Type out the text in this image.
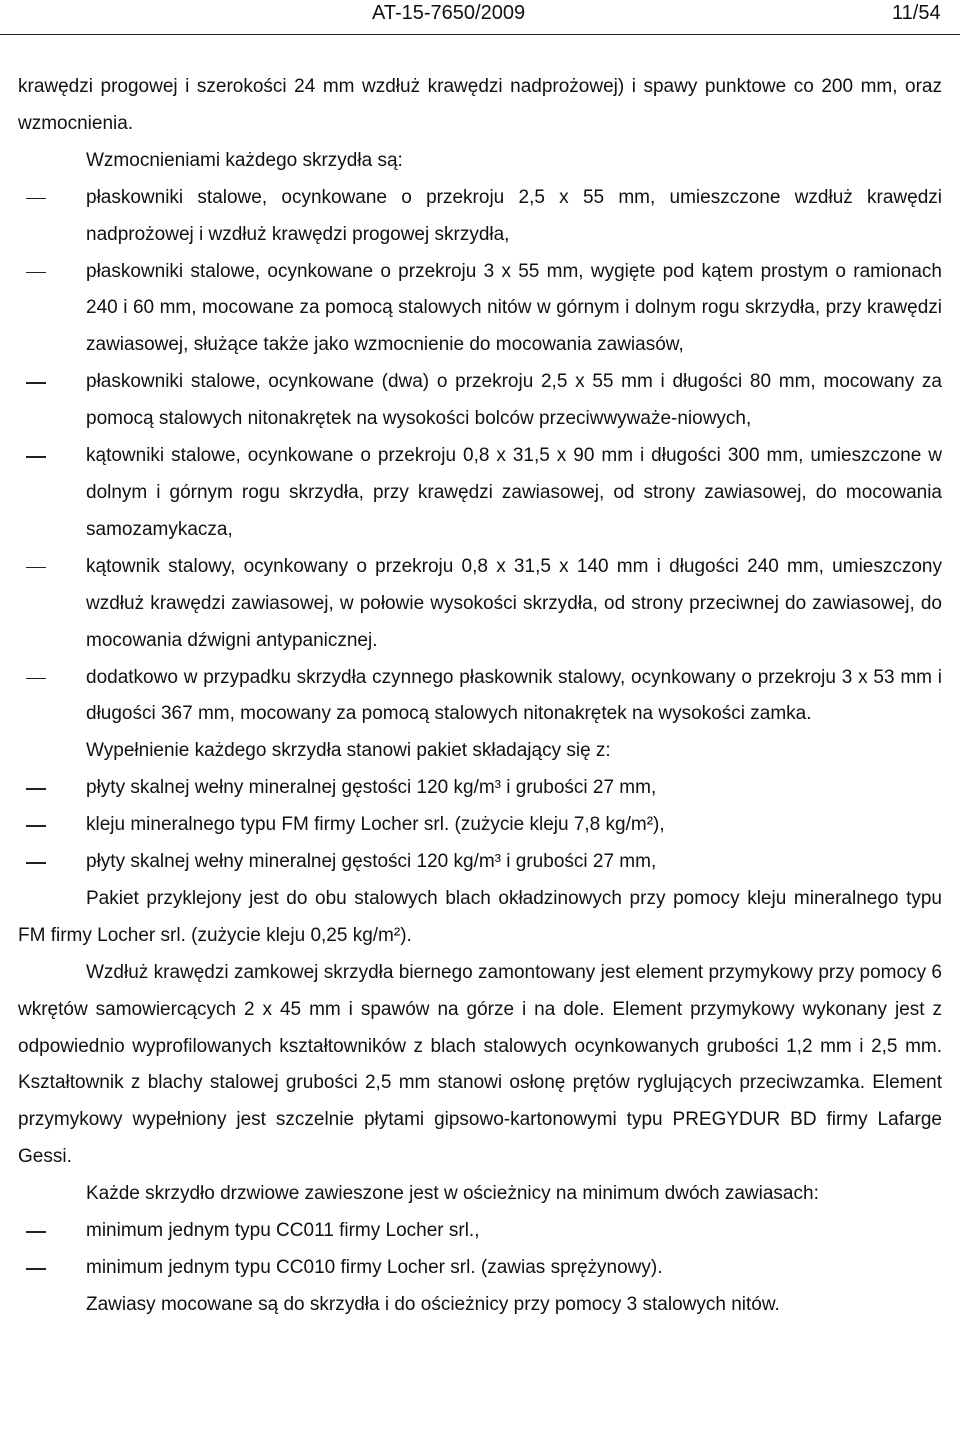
AT-15-7650/2009	11/54

krawędzi progowej i szerokości 24 mm wzdłuż krawędzi nadprożowej) i spawy punktowe co 200 mm, oraz wzmocnienia.

Wzmocnieniami każdego skrzydła są:

płaskowniki stalowe, ocynkowane o przekroju 2,5 x 55 mm, umieszczone wzdłuż krawędzi nadprożowej i wzdłuż krawędzi progowej skrzydła,
płaskowniki stalowe, ocynkowane o przekroju 3 x 55 mm, wygięte pod kątem prostym o ramionach 240 i 60 mm, mocowane za pomocą stalowych nitów w górnym i dolnym rogu skrzydła, przy krawędzi zawiasowej, służące także jako wzmocnienie do mocowania zawiasów,
płaskowniki stalowe, ocynkowane (dwa) o przekroju 2,5 x 55 mm i długości 80 mm, mocowany za pomocą stalowych nitonakrętek na wysokości bolców przeciwwyważe-niowych,
kątowniki stalowe, ocynkowane o przekroju 0,8 x 31,5 x 90 mm i długości 300 mm, umieszczone w dolnym i górnym rogu skrzydła, przy krawędzi zawiasowej, od strony zawiasowej, do mocowania samozamykacza,
kątownik stalowy, ocynkowany o przekroju 0,8 x 31,5 x 140 mm i długości 240 mm, umieszczony wzdłuż krawędzi zawiasowej, w połowie wysokości skrzydła, od strony przeciwnej do zawiasowej, do mocowania dźwigni antypanicznej.
dodatkowo w przypadku skrzydła czynnego płaskownik stalowy, ocynkowany o przekroju 3 x 53 mm i długości 367 mm, mocowany za pomocą stalowych nitonakrętek na wysokości zamka.

Wypełnienie każdego skrzydła stanowi pakiet składający się z:

płyty skalnej wełny mineralnej gęstości 120 kg/m³ i grubości 27 mm,
kleju mineralnego typu FM firmy Locher srl. (zużycie kleju 7,8 kg/m²),
płyty skalnej wełny mineralnej gęstości 120 kg/m³ i grubości 27 mm,

Pakiet przyklejony jest do obu stalowych blach okładzinowych przy pomocy kleju mineralnego typu FM firmy Locher srl. (zużycie kleju 0,25 kg/m²).

Wzdłuż krawędzi zamkowej skrzydła biernego zamontowany jest element przymykowy przy pomocy 6 wkrętów samowiercących 2 x 45 mm i spawów na górze i na dole. Element przymykowy wykonany jest z odpowiednio wyprofilowanych kształtowników z blach stalowych ocynkowanych grubości 1,2 mm i 2,5 mm. Kształtownik z blachy stalowej grubości 2,5 mm stanowi osłonę prętów ryglujących przeciwzamka. Element przymykowy wypełniony jest szczelnie płytami gipsowo-kartonowymi typu PREGYDUR BD firmy Lafarge Gessi.

Każde skrzydło drzwiowe zawieszone jest w ościeżnicy na minimum dwóch zawiasach:

minimum jednym typu CC011 firmy Locher srl.,
minimum jednym typu CC010 firmy Locher srl. (zawias sprężynowy).

Zawiasy mocowane są do skrzydła i do ościeżnicy przy pomocy 3 stalowych nitów.
